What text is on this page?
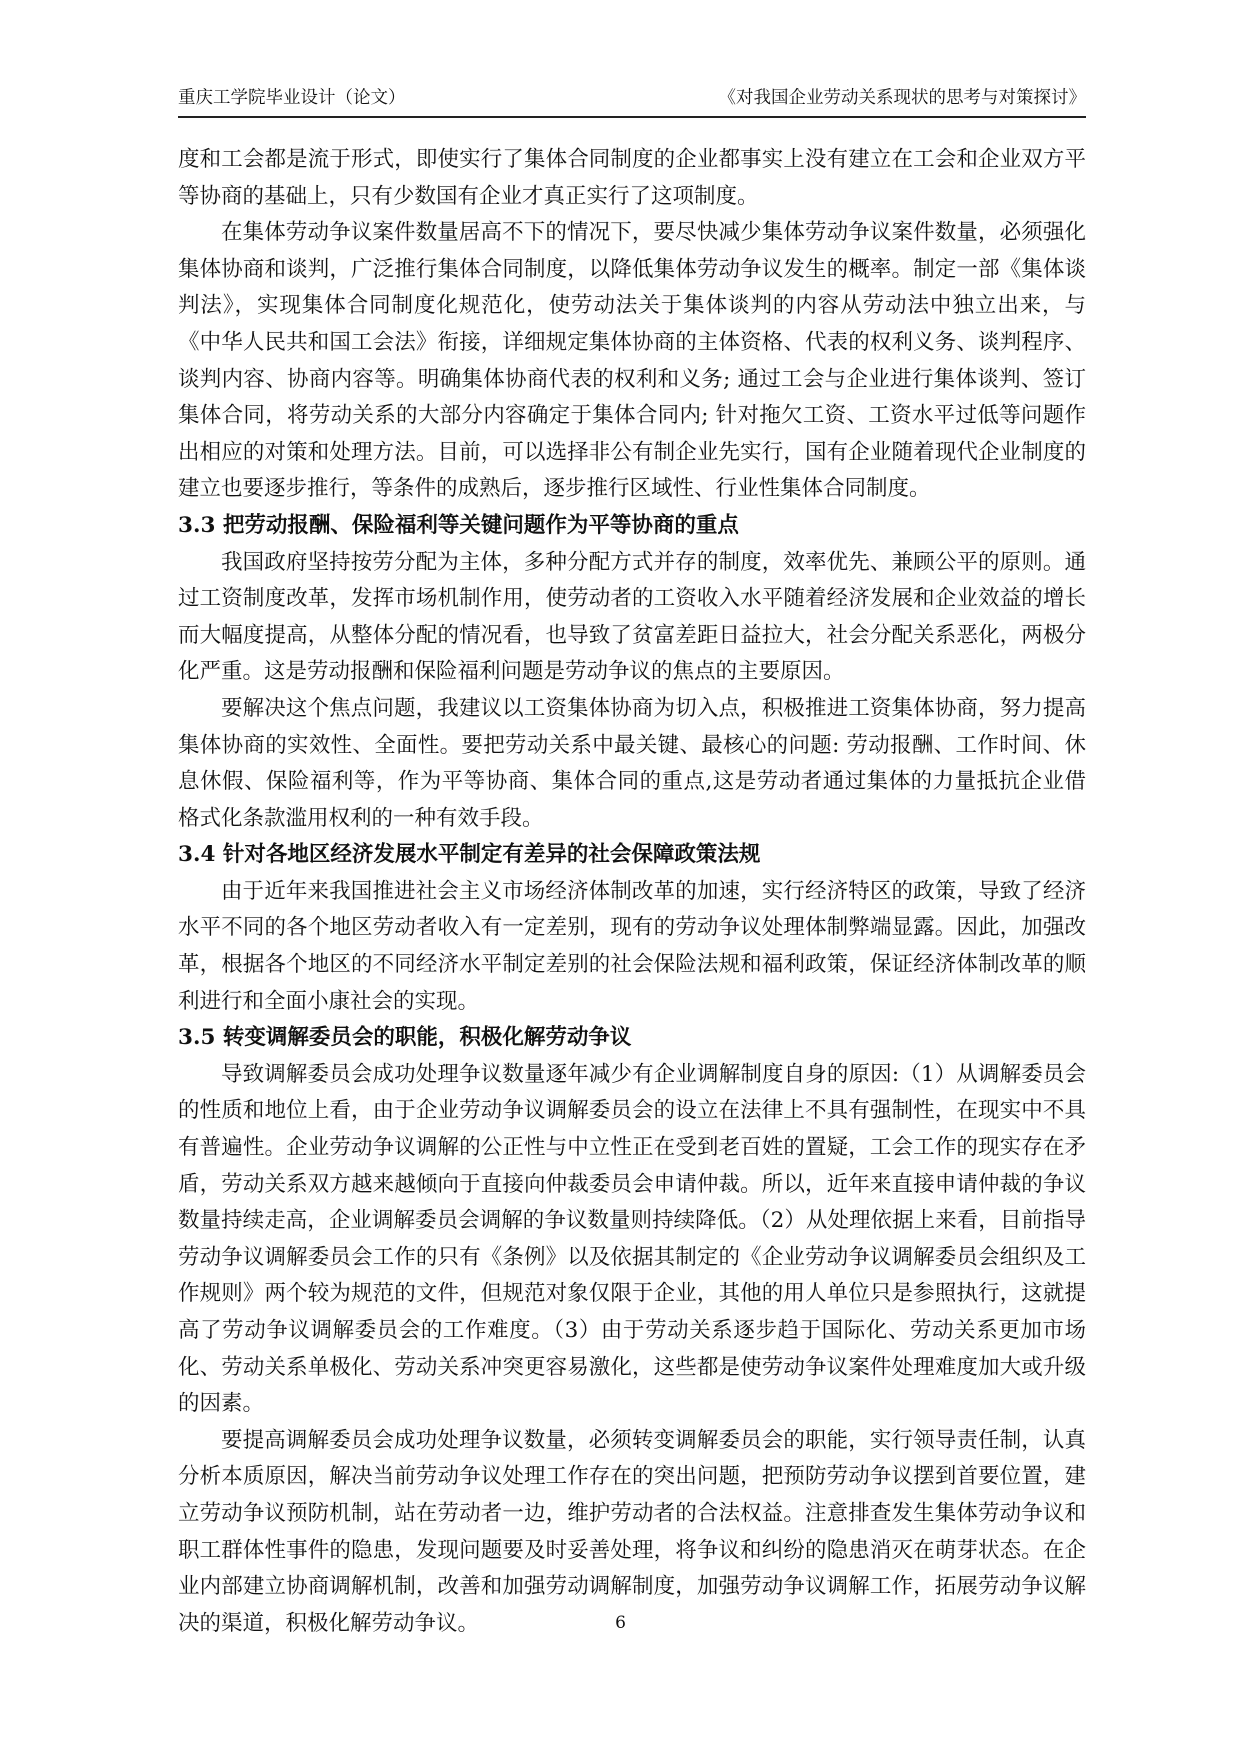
重庆工学院毕业设计（论文）	《对我国企业劳动关系现状的思考与对策探讨》

度和工会都是流于形式，即使实行了集体合同制度的企业都事实上没有建立在工会和企业双方平等协商的基础上，只有少数国有企业才真正实行了这项制度。

在集体劳动争议案件数量居高不下的情况下，要尽快减少集体劳动争议案件数量，必须强化集体协商和谈判，广泛推行集体合同制度，以降低集体劳动争议发生的概率。制定一部《集体谈判法》，实现集体合同制度化规范化，使劳动法关于集体谈判的内容从劳动法中独立出来，与《中华人民共和国工会法》衔接，详细规定集体协商的主体资格、代表的权利义务、谈判程序、谈判内容、协商内容等。明确集体协商代表的权利和义务; 通过工会与企业进行集体谈判、签订集体合同，将劳动关系的大部分内容确定于集体合同内; 针对拖欠工资、工资水平过低等问题作出相应的对策和处理方法。目前，可以选择非公有制企业先实行，国有企业随着现代企业制度的建立也要逐步推行，等条件的成熟后，逐步推行区域性、行业性集体合同制度。

3.3 把劳动报酬、保险福利等关键问题作为平等协商的重点

我国政府坚持按劳分配为主体，多种分配方式并存的制度，效率优先、兼顾公平的原则。通过工资制度改革，发挥市场机制作用，使劳动者的工资收入水平随着经济发展和企业效益的增长而大幅度提高，从整体分配的情况看，也导致了贫富差距日益拉大，社会分配关系恶化，两极分化严重。这是劳动报酬和保险福利问题是劳动争议的焦点的主要原因。

要解决这个焦点问题，我建议以工资集体协商为切入点，积极推进工资集体协商，努力提高集体协商的实效性、全面性。要把劳动关系中最关键、最核心的问题: 劳动报酬、工作时间、休息休假、保险福利等，作为平等协商、集体合同的重点,这是劳动者通过集体的力量抵抗企业借格式化条款滥用权利的一种有效手段。

3.4 针对各地区经济发展水平制定有差异的社会保障政策法规

由于近年来我国推进社会主义市场经济体制改革的加速，实行经济特区的政策，导致了经济水平不同的各个地区劳动者收入有一定差别，现有的劳动争议处理体制弊端显露。因此，加强改革，根据各个地区的不同经济水平制定差别的社会保险法规和福利政策，保证经济体制改革的顺利进行和全面小康社会的实现。

3.5 转变调解委员会的职能，积极化解劳动争议

导致调解委员会成功处理争议数量逐年减少有企业调解制度自身的原因:（1）从调解委员会的性质和地位上看，由于企业劳动争议调解委员会的设立在法律上不具有强制性，在现实中不具有普遍性。企业劳动争议调解的公正性与中立性正在受到老百姓的置疑，工会工作的现实存在矛盾，劳动关系双方越来越倾向于直接向仲裁委员会申请仲裁。所以，近年来直接申请仲裁的争议数量持续走高，企业调解委员会调解的争议数量则持续降低。（2）从处理依据上来看，目前指导劳动争议调解委员会工作的只有《条例》以及依据其制定的《企业劳动争议调解委员会组织及工作规则》两个较为规范的文件，但规范对象仅限于企业，其他的用人单位只是参照执行，这就提高了劳动争议调解委员会的工作难度。（3）由于劳动关系逐步趋于国际化、劳动关系更加市场化、劳动关系单极化、劳动关系冲突更容易激化，这些都是使劳动争议案件处理难度加大或升级的因素。

要提高调解委员会成功处理争议数量，必须转变调解委员会的职能，实行领导责任制，认真分析本质原因，解决当前劳动争议处理工作存在的突出问题，把预防劳动争议摆到首要位置，建立劳动争议预防机制，站在劳动者一边，维护劳动者的合法权益。注意排查发生集体劳动争议和职工群体性事件的隐患，发现问题要及时妥善处理，将争议和纠纷的隐患消灭在萌芽状态。在企业内部建立协商调解机制，改善和加强劳动调解制度，加强劳动争议调解工作，拓展劳动争议解决的渠道，积极化解劳动争议。	6
